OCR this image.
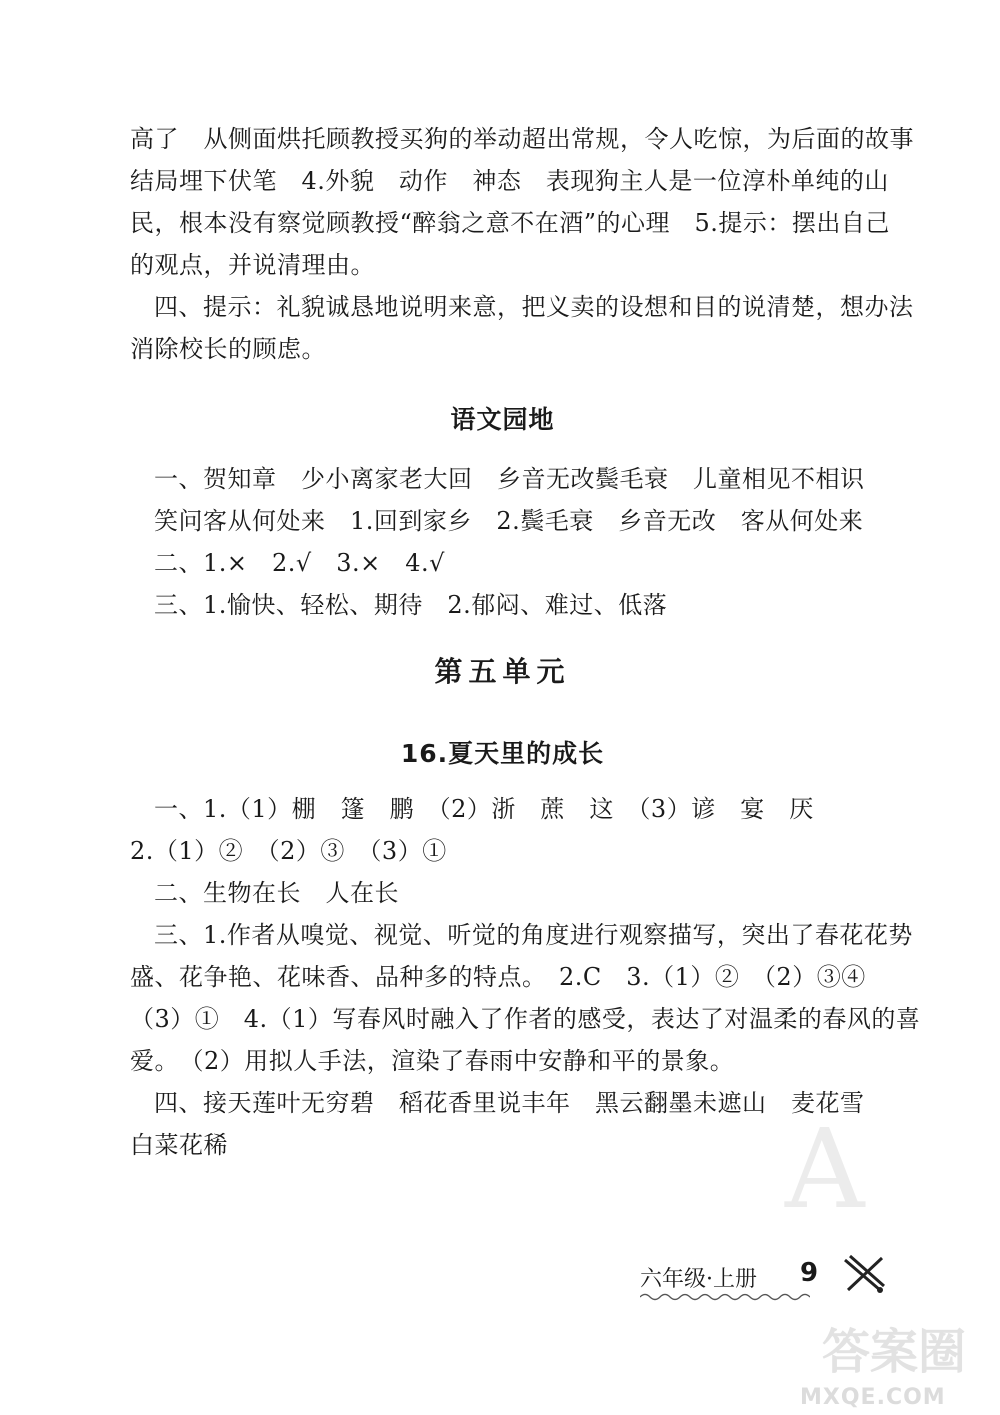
高了　从侧面烘托顾教授买狗的举动超出常规，令人吃惊，为后面的故事
结局埋下伏笔　4.外貌　动作　神态　表现狗主人是一位淳朴单纯的山
民，根本没有察觉顾教授“醉翁之意不在酒”的心理　5.提示：摆出自己
的观点，并说清理由。

四、提示：礼貌诚恳地说明来意，把义卖的设想和目的说清楚，想办法
消除校长的顾虑。

语文园地

一、贺知章　少小离家老大回　乡音无改鬓毛衰　儿童相见不相识
笑问客从何处来　1.回到家乡　2.鬓毛衰　乡音无改　客从何处来

二、1.×　2.√　3.×　4.√

三、1.愉快、轻松、期待　2.郁闷、难过、低落

第五单元
16.夏天里的成长

一、1.（1）棚　篷　鹏　（2）浙　蔗　这　（3）谚　宴　厌
2.（1）②　（2）③　（3）①

二、生物在长　人在长

三、1.作者从嗅觉、视觉、听觉的角度进行观察描写，突出了春花花势
盛、花争艳、花味香、品种多的特点。　2.C　3.（1）②　（2）③④
（3）①　4.（1）写春风时融入了作者的感受，表达了对温柔的春风的喜
爱。　（2）用拟人手法，渲染了春雨中安静和平的景象。

四、接天莲叶无穷碧　稻花香里说丰年　黑云翻墨未遮山　麦花雪
白菜花稀	A
9
六年级·上册
答案圈
MXQE.COM
